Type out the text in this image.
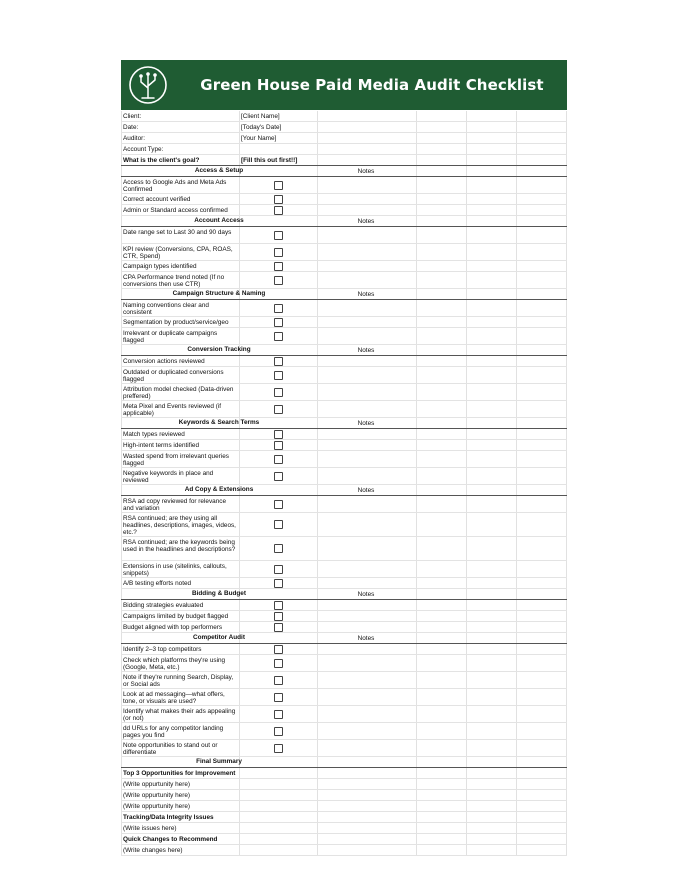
Green House Paid Media Audit Checklist
Client:	[Client Name]
Date:	[Today's Date]
Auditor:	[Your Name]
Account Type:
What is the client's goal?	[Fill this out first!!]
Access & Setup	Notes
Access to Google Ads and Meta Ads Confirmed
Correct account verified
Admin or Standard access confirmed
Account Access	Notes
Date range set to Last 30 and 90 days
KPI review (Conversions, CPA, ROAS, CTR, Spend)
Campaign types identified
CPA Performance trend noted (If no conversions then use CTR)
Campaign Structure & Naming	Notes
Naming conventions clear and consistent
Segmentation by product/service/geo
Irrelevant or duplicate campaigns flagged
Conversion Tracking	Notes
Conversion actions reviewed
Outdated or duplicated conversions flagged
Attribution model checked (Data-driven preffered)
Meta Pixel and Events reviewed (if applicable)
Keywords & Search Terms	Notes
Match types reviewed
High-intent terms identified
Wasted spend from irrelevant queries flagged
Negative keywords in place and reviewed
Ad Copy & Extensions	Notes
RSA ad copy reviewed for relevance and variation
RSA continued; are they using all headlines, descriptions, images, videos, etc.?
RSA continued; are the keywords being used in the headlines and descriptions?
Extensions in use (sitelinks, callouts, snippets)
A/B testing efforts noted
Bidding & Budget	Notes
Bidding strategies evaluated
Campaigns limited by budget flagged
Budget aligned with top performers
Competitor Audit	Notes
Identify 2–3 top competitors
Check which platforms they're using (Google, Meta, etc.)
Note if they're running Search, Display, or Social ads
Look at ad messaging—what offers, tone, or visuals are used?
Identify what makes their ads appealing (or not)
dd URLs for any competitor landing pages you find
Note opportunities to stand out or differentiate
Final Summary
Top 3 Opportunities for Improvement
(Write oppurtunity here)
(Write oppurtunity here)
(Write oppurtunity here)
Tracking/Data Integrity Issues
(Write issues here)
Quick Changes to Recommend
(Write changes here)
